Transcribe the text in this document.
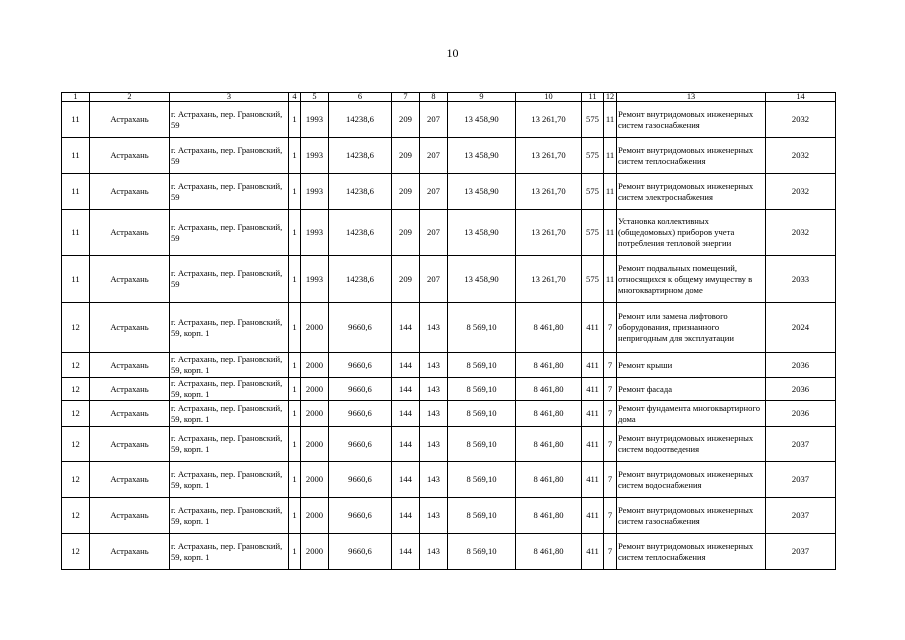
10
1	2	3	4	5	6	7	8	9	10	11	12	13	14
11	Астрахань	г. Астрахань, пер. Грановский, 59	1	1993	14238,6	209	207	13 458,90	13 261,70	575	11	Ремонт внутридомовых инженерных систем газоснабжения	2032
11	Астрахань	г. Астрахань, пер. Грановский, 59	1	1993	14238,6	209	207	13 458,90	13 261,70	575	11	Ремонт внутридомовых инженерных систем теплоснабжения	2032
11	Астрахань	г. Астрахань, пер. Грановский, 59	1	1993	14238,6	209	207	13 458,90	13 261,70	575	11	Ремонт внутридомовых инженерных систем электроснабжения	2032
11	Астрахань	г. Астрахань, пер. Грановский, 59	1	1993	14238,6	209	207	13 458,90	13 261,70	575	11	Установка коллективных (общедомовых) приборов учета потребления тепловой энергии	2032
11	Астрахань	г. Астрахань, пер. Грановский, 59	1	1993	14238,6	209	207	13 458,90	13 261,70	575	11	Ремонт подвальных помещений, относящихся к общему имуществу в многоквартирном доме	2033
12	Астрахань	г. Астрахань, пер. Грановский, 59, корп. 1	1	2000	9660,6	144	143	8 569,10	8 461,80	411	7	Ремонт или замена лифтового оборудования, признанного непригодным для эксплуатации	2024
12	Астрахань	г. Астрахань, пер. Грановский, 59, корп. 1	1	2000	9660,6	144	143	8 569,10	8 461,80	411	7	Ремонт крыши	2036
12	Астрахань	г. Астрахань, пер. Грановский, 59, корп. 1	1	2000	9660,6	144	143	8 569,10	8 461,80	411	7	Ремонт фасада	2036
12	Астрахань	г. Астрахань, пер. Грановский, 59, корп. 1	1	2000	9660,6	144	143	8 569,10	8 461,80	411	7	Ремонт фундамента многоквартирного дома	2036
12	Астрахань	г. Астрахань, пер. Грановский, 59, корп. 1	1	2000	9660,6	144	143	8 569,10	8 461,80	411	7	Ремонт внутридомовых инженерных систем водоотведения	2037
12	Астрахань	г. Астрахань, пер. Грановский, 59, корп. 1	1	2000	9660,6	144	143	8 569,10	8 461,80	411	7	Ремонт внутридомовых инженерных систем водоснабжения	2037
12	Астрахань	г. Астрахань, пер. Грановский, 59, корп. 1	1	2000	9660,6	144	143	8 569,10	8 461,80	411	7	Ремонт внутридомовых инженерных систем газоснабжения	2037
12	Астрахань	г. Астрахань, пер. Грановский, 59, корп. 1	1	2000	9660,6	144	143	8 569,10	8 461,80	411	7	Ремонт внутридомовых инженерных систем теплоснабжения	2037
